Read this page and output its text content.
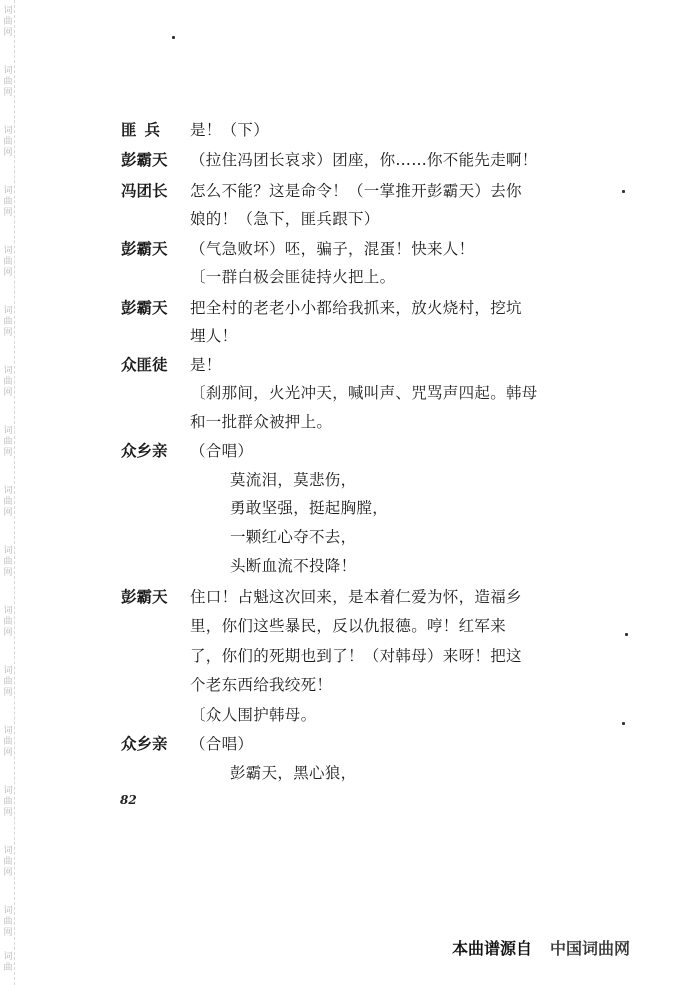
词
曲
网
词
曲
网
词
曲
网
词
曲
网
词
曲
网
词
曲
网
词
曲
网
词
曲
网
词
曲
网
词
曲
网
词
曲
网
词
曲
网
词
曲
网
词
曲
网
词
曲
网
词
曲
网
词
曲
匪兵	是！（下）
彭霸天	（拉住冯团长哀求）团座，你……你不能先走啊！
冯团长	怎么不能？这是命令！（一掌推开彭霸天）去你
娘的！（急下，匪兵跟下）
彭霸天	（气急败坏）呸，骗子，混蛋！快来人！
〔一群白极会匪徒持火把上。
彭霸天	把全村的老老小小都给我抓来，放火烧村，挖坑
埋人！
众匪徒	是！
〔刹那间，火光冲天，喊叫声、咒骂声四起。韩母
和一批群众被押上。
众乡亲	（合唱）
莫流泪，莫悲伤，
勇敢坚强，挺起胸膛，
一颗红心夺不去，
头断血流不投降！
彭霸天	住口！占魁这次回来，是本着仁爱为怀，造福乡
里，你们这些暴民，反以仇报德。哼！红军来
了，你们的死期也到了！（对韩母）来呀！把这
个老东西给我绞死！
〔众人围护韩母。
众乡亲	（合唱）
彭霸天，黑心狼，
82
本曲谱源自 中国词曲网
